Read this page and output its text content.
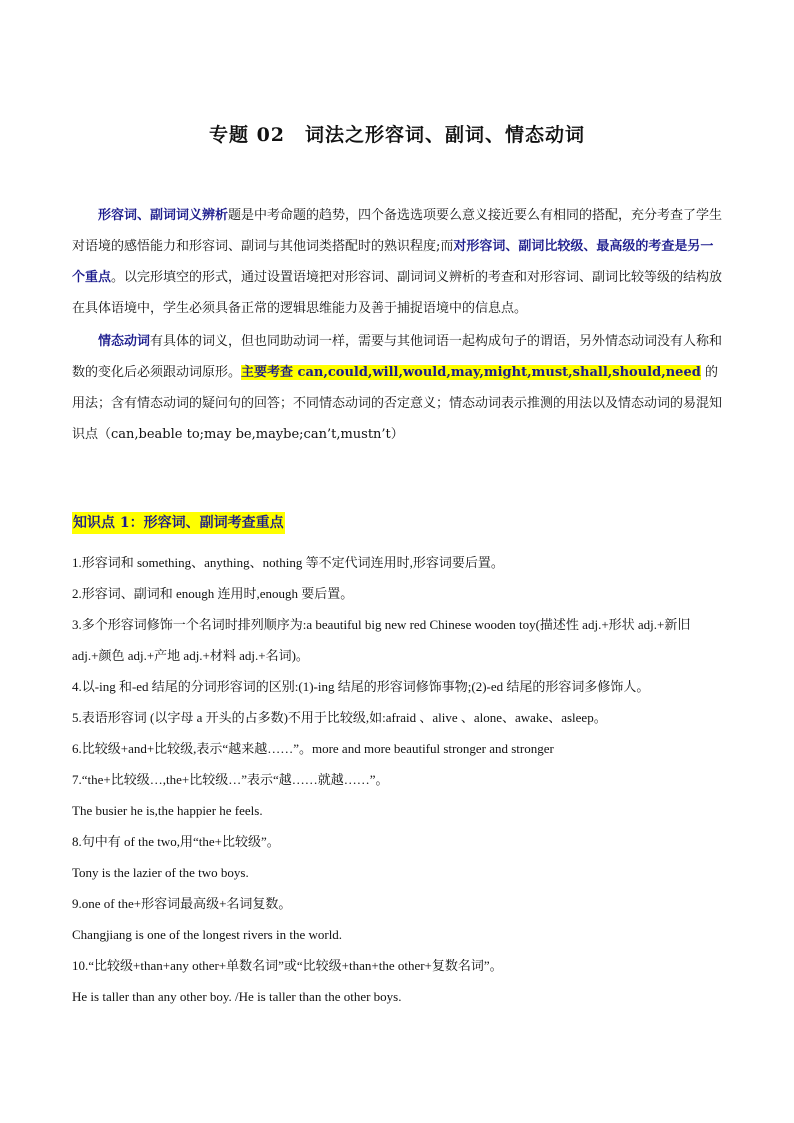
专题 02　词法之形容词、副词、情态动词

形容词、副词词义辨析题是中考命题的趋势，四个备选选项要么意义接近要么有相同的搭配，充分考查了学生对语境的感悟能力和形容词、副词与其他词类搭配时的熟识程度;而对形容词、副词比较级、最高级的考查是另一个重点。以完形填空的形式，通过设置语境把对形容词、副词词义辨析的考查和对形容词、副词比较等级的结构放在具体语境中，学生必须具备正常的逻辑思维能力及善于捕捉语境中的信息点。

情态动词有具体的词义，但也同助动词一样，需要与其他词语一起构成句子的谓语，另外情态动词没有人称和数的变化后必须跟动词原形。主要考查 can,could,will,would,may,might,must,shall,should,need 的用法；含有情态动词的疑问句的回答；不同情态动词的否定意义；情态动词表示推测的用法以及情态动词的易混知识点（can,beable to;may be,maybe;can’t,mustn’t）

知识点 1：形容词、副词考查重点
1.形容词和 something、anything、nothing 等不定代词连用时,形容词要后置。
2.形容词、副词和 enough 连用时,enough 要后置。
3.多个形容词修饰一个名词时排列顺序为:a beautiful big new red Chinese wooden toy(描述性 adj.+形状 adj.+新旧 adj.+颜色 adj.+产地 adj.+材料 adj.+名词)。
4.以-ing 和-ed 结尾的分词形容词的区别:(1)-ing 结尾的形容词修饰事物;(2)-ed 结尾的形容词多修饰人。
5.表语形容词 (以字母 a 开头的占多数)不用于比较级,如:afraid 、alive 、alone、awake、asleep。
6.比较级+and+比较级,表示“越来越……”。more and more beautiful stronger and stronger
7.“the+比较级…,the+比较级…”表示“越……就越……”。
The busier he is,the happier he feels.
8.句中有 of the two,用“the+比较级”。
Tony is the lazier of the two boys.
9.one of the+形容词最高级+名词复数。
Changjiang is one of the longest rivers in the world.
10.“比较级+than+any other+单数名词”或“比较级+than+the other+复数名词”。
He is taller than any other boy. /He is taller than the other boys.
